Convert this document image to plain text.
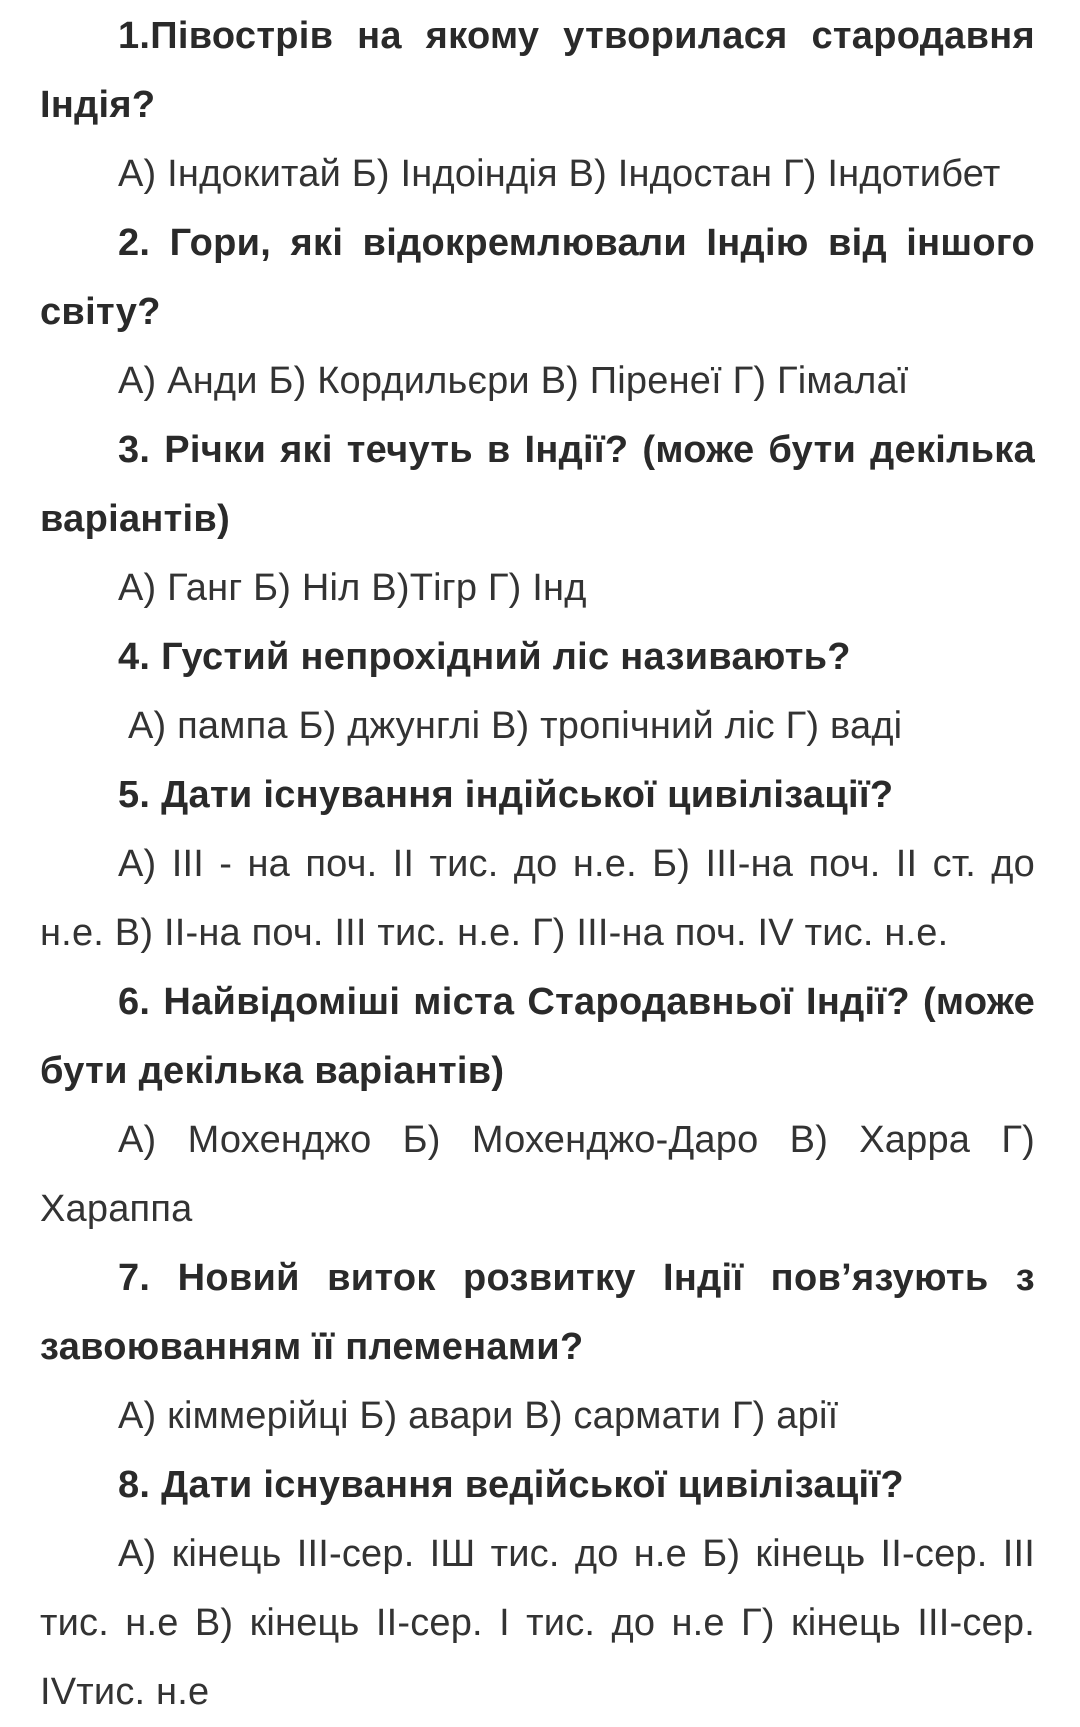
1.Півострів на якому утворилася стародавня Індія?

А) Індокитай Б) Індоіндія В) Індостан Г) Індотибет

2. Гори, які відокремлювали Індію від іншого світу?

А) Анди Б) Кордильєри В) Піренеї Г) Гімалаї

3. Річки які течуть в Індії? (може бути декілька варіантів)

А) Ганг Б) Ніл В)Тігр Г) Інд

4. Густий непрохідний ліс називають?

А) пампа Б) джунглі В) тропічний ліс Г) ваді

5. Дати існування індійської цивілізації?

А) ІІІ - на поч. ІІ тис. до н.е. Б) ІІІ-на поч. ІІ ст. до н.е. В) ІІ-на поч. ІІІ тис. н.е. Г) ІІІ-на поч. IV тис. н.е.

6. Найвідоміші міста Стародавньої Індії? (може бути декілька варіантів)

А) Мохенджо Б) Мохенджо-Даро В) Харра Г) Хараппа

7. Новий виток розвитку Індії пов’язують з завоюванням її племенами?

А) кіммерійці Б) авари В) сармати Г) арії

8. Дати існування ведійської цивілізації?

А) кінець ІІІ-сер. ІШ тис. до н.е Б) кінець ІІ-сер. ІІІ тис. н.е В) кінець ІІ-сер. І тис. до н.е Г) кінець ІІІ-сер. IVтис. н.е
